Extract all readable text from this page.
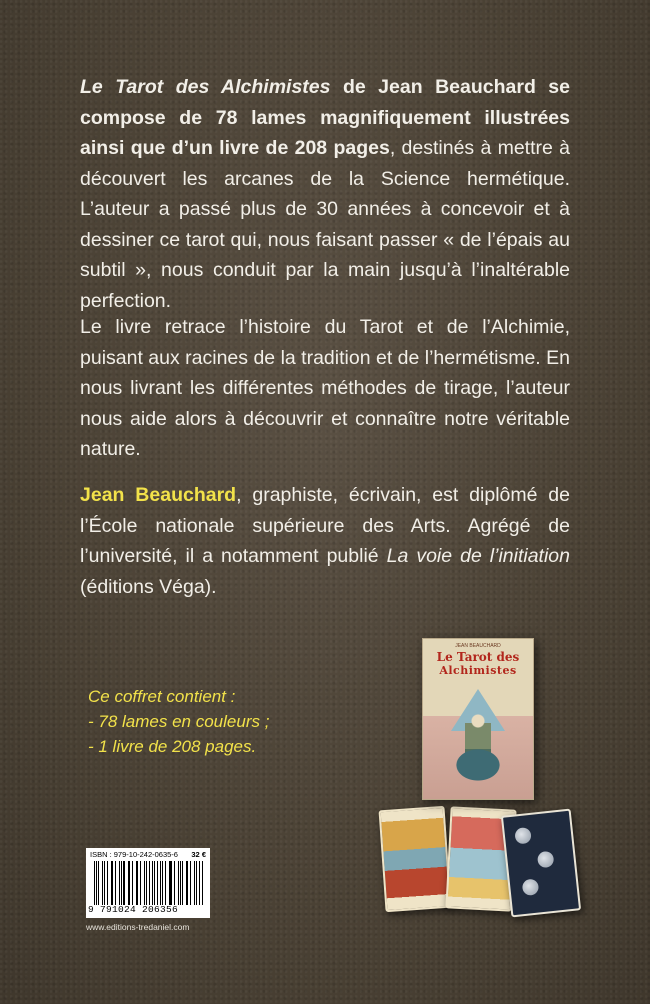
Le Tarot des Alchimistes de Jean Beauchard se compose de 78 lames magnifiquement illustrées ainsi que d’un livre de 208 pages, destinés à mettre à découvert les arcanes de la Science hermétique. L’auteur a passé plus de 30 années à concevoir et à dessiner ce tarot qui, nous faisant passer « de l’épais au subtil », nous conduit par la main jusqu’à l’inaltérable perfection.
Le livre retrace l’histoire du Tarot et de l’Alchimie, puisant aux racines de la tradition et de l’hermétisme. En nous livrant les différentes méthodes de tirage, l’auteur nous aide alors à découvrir et connaître notre véritable nature.
Jean Beauchard, graphiste, écrivain, est diplômé de l’École nationale supérieure des Arts. Agrégé de l’université, il a notamment publié La voie de l’initiation (éditions Véga).
Ce coffret contient :
- 78 lames en couleurs ;
- 1 livre de 208 pages.
JEAN BEAUCHARD
Le Tarot des
Alchimistes
ISBN : 979-10-242-0635-6 32 €
9 791024 206356
www.editions-tredaniel.com
